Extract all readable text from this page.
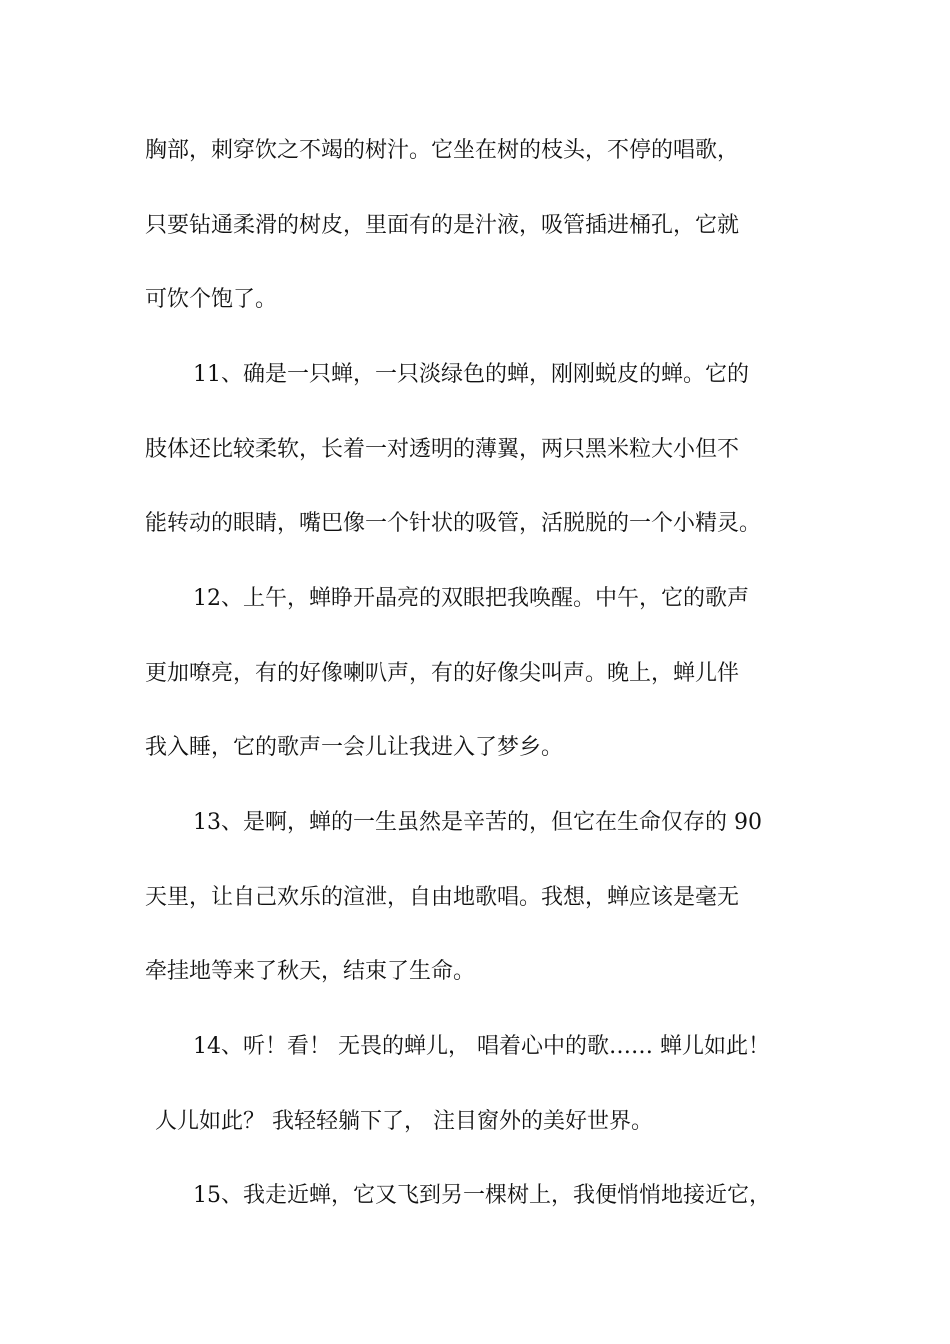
胸部，刺穿饮之不竭的树汁。它坐在树的枝头，不停的唱歌，
只要钻通柔滑的树皮，里面有的是汁液，吸管插进桶孔，它就
可饮个饱了。
11、确是一只蝉，一只淡绿色的蝉，刚刚蜕皮的蝉。它的
肢体还比较柔软，长着一对透明的薄翼，两只黑米粒大小但不
能转动的眼睛，嘴巴像一个针状的吸管，活脱脱的一个小精灵。
12、上午，蝉睁开晶亮的双眼把我唤醒。中午，它的歌声
更加嘹亮，有的好像喇叭声，有的好像尖叫声。晚上，蝉儿伴
我入睡，它的歌声一会儿让我进入了梦乡。
13、是啊，蝉的一生虽然是辛苦的，但它在生命仅存的 90
天里，让自己欢乐的渲泄，自由地歌唱。我想，蝉应该是毫无
牵挂地等来了秋天，结束了生命。
14、听！看！ 无畏的蝉儿， 唱着心中的歌…… 蝉儿如此！
人儿如此？ 我轻轻躺下了， 注目窗外的美好世界。
15、我走近蝉，它又飞到另一棵树上，我便悄悄地接近它，
